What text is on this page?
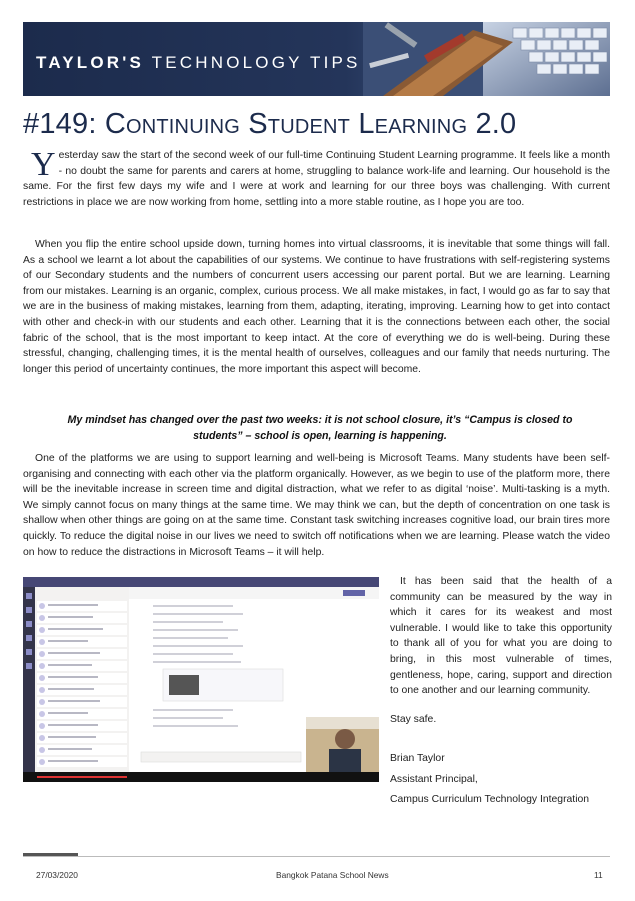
TAYLOR'S TECHNOLOGY TIPS
#149: Continuing Student Learning 2.0

Yesterday saw the start of the second week of our full-time Continuing Student Learning programme. It feels like a month - no doubt the same for parents and carers at home, struggling to balance work-life and learning. Our household is the same. For the first few days my wife and I were at work and learning for our three boys was challenging. With current restrictions in place we are now working from home, settling into a more stable routine, as I hope you are too.

When you flip the entire school upside down, turning homes into virtual classrooms, it is inevitable that some things will fall. As a school we learnt a lot about the capabilities of our systems. We continue to have frustrations with self-registering systems of our Secondary students and the numbers of concurrent users accessing our parent portal. But we are learning. Learning from our mistakes. Learning is an organic, complex, curious process. We all make mistakes, in fact, I would go as far to say that we are in the business of making mistakes, learning from them, adapting, iterating, improving. Learning how to get into contact with other and check-in with our students and each other. Learning that it is the connections between each other, the social fabric of the school, that is the most important to keep intact. At the core of everything we do is well-being. During these stressful, changing, challenging times, it is the mental health of ourselves, colleagues and our family that needs nurturing. The longer this period of uncertainty continues, the more important this aspect will become.

My mindset has changed over the past two weeks: it is not school closure, it’s “Campus is closed to students” – school is open, learning is happening.

One of the platforms we are using to support learning and well-being is Microsoft Teams. Many students have been self-organising and connecting with each other via the platform organically. However, as we begin to use of the platform more, there will be the inevitable increase in screen time and digital distraction, what we refer to as digital ‘noise’. Multi-tasking is a myth. We simply cannot focus on many things at the same time. We may think we can, but the depth of concentration on one task is shallow when other things are going on at the same time. Constant task switching increases cognitive load, our brain tires more quickly. To reduce the digital noise in our lives we need to switch off notifications when we are learning. Please watch the video on how to reduce the distractions in Microsoft Teams – it will help.

It has been said that the health of a community can be measured by the way in which it cares for its weakest and most vulnerable. I would like to take this opportunity to thank all of you for what you are doing to bring, in this most vulnerable of times, gentleness, hope, caring, support and direction to one another and our learning community.

Stay safe.

Brian Taylor

Assistant Principal,

Campus Curriculum Technology Integration

27/03/2020	Bangkok Patana School News	11
